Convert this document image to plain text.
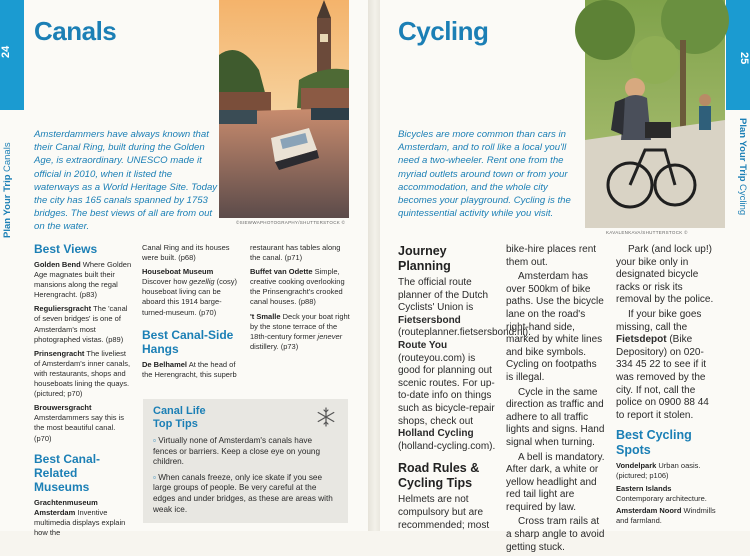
24
Plan Your Trip Canals
Canals
©SIEWWAPHOTOGRAPHY/SHUTTERSTOCK ©
Amsterdammers have always known that their Canal Ring, built during the Golden Age, is extraordinary. UNESCO made it official in 2010, when it listed the waterways as a World Heritage Site. Today the city has 165 canals spanned by 1753 bridges. The best views of all are from out on the water.
Best Views

Golden Bend Where Golden Age magnates built their mansions along the regal Herengracht. (p83)

Reguliersgracht The 'canal of seven bridges' is one of Amsterdam's most photographed vistas. (p89)

Prinsengracht The liveliest of Amsterdam's inner canals, with restaurants, shops and houseboats lining the quays. (pictured; p70)

Brouwersgracht Amsterdammers say this is the most beautiful canal. (p70)

Best Canal-Related Museums

Grachtenmuseum Amsterdam Inventive multimedia displays explain how the

Canal Ring and its houses were built. (p68)

Houseboat Museum Discover how gezellig (cosy) houseboat living can be aboard this 1914 barge-turned-museum. (p70)

Best Canal-Side Hangs

De Belhamel At the head of the Herengracht, this superb

restaurant has tables along the canal. (p71)

Buffet van Odette Simple, creative cooking overlooking the Prinsengracht's crooked canal houses. (p88)

't Smalle Deck your boat right by the stone terrace of the 18th-century former jenever distillery. (p73)

Canal Life
Top Tips

▫ Virtually none of Amsterdam's canals have fences or barriers. Keep a close eye on young children.

▫ When canals freeze, only ice skate if you see large groups of people. Be very careful at the edges and under bridges, as these are areas with weak ice.

25
Plan Your Trip Cycling
Cycling
KAVALENKAVA/SHUTTERSTOCK ©
Bicycles are more common than cars in Amsterdam, and to roll like a local you'll need a two-wheeler. Rent one from the myriad outlets around town or from your accommodation, and the whole city becomes your playground. Cycling is the quintessential activity while you visit.
Journey Planning

The official route planner of the Dutch Cyclists' Union is Fietsersbond (routeplanner.fietsersbond.nl). Route You (routeyou.com) is good for planning out scenic routes. For up-to-date info on things such as bicycle-repair shops, check out Holland Cycling (holland-cycling.com).

Road Rules & Cycling Tips

Helmets are not compulsory but are recommended; most

bike-hire places rent them out.

Amsterdam has over 500km of bike paths. Use the bicycle lane on the road's right-hand side, marked by white lines and bike symbols. Cycling on footpaths is illegal.

Cycle in the same direction as traffic and adhere to all traffic lights and signs. Hand signal when turning.

A bell is mandatory. After dark, a white or yellow headlight and red tail light are required by law.

Cross tram rails at a sharp angle to avoid getting stuck.

Park (and lock up!) your bike only in designated bicycle racks or risk its removal by the police.

If your bike goes missing, call the Fietsdepot (Bike Depository) on 020-334 45 22 to see if it was removed by the city. If not, call the police on 0900 88 44 to report it stolen.

Best Cycling Spots

Vondelpark Urban oasis. (pictured; p106)

Eastern Islands Contemporary architecture.

Amsterdam Noord Windmills and farmland.
